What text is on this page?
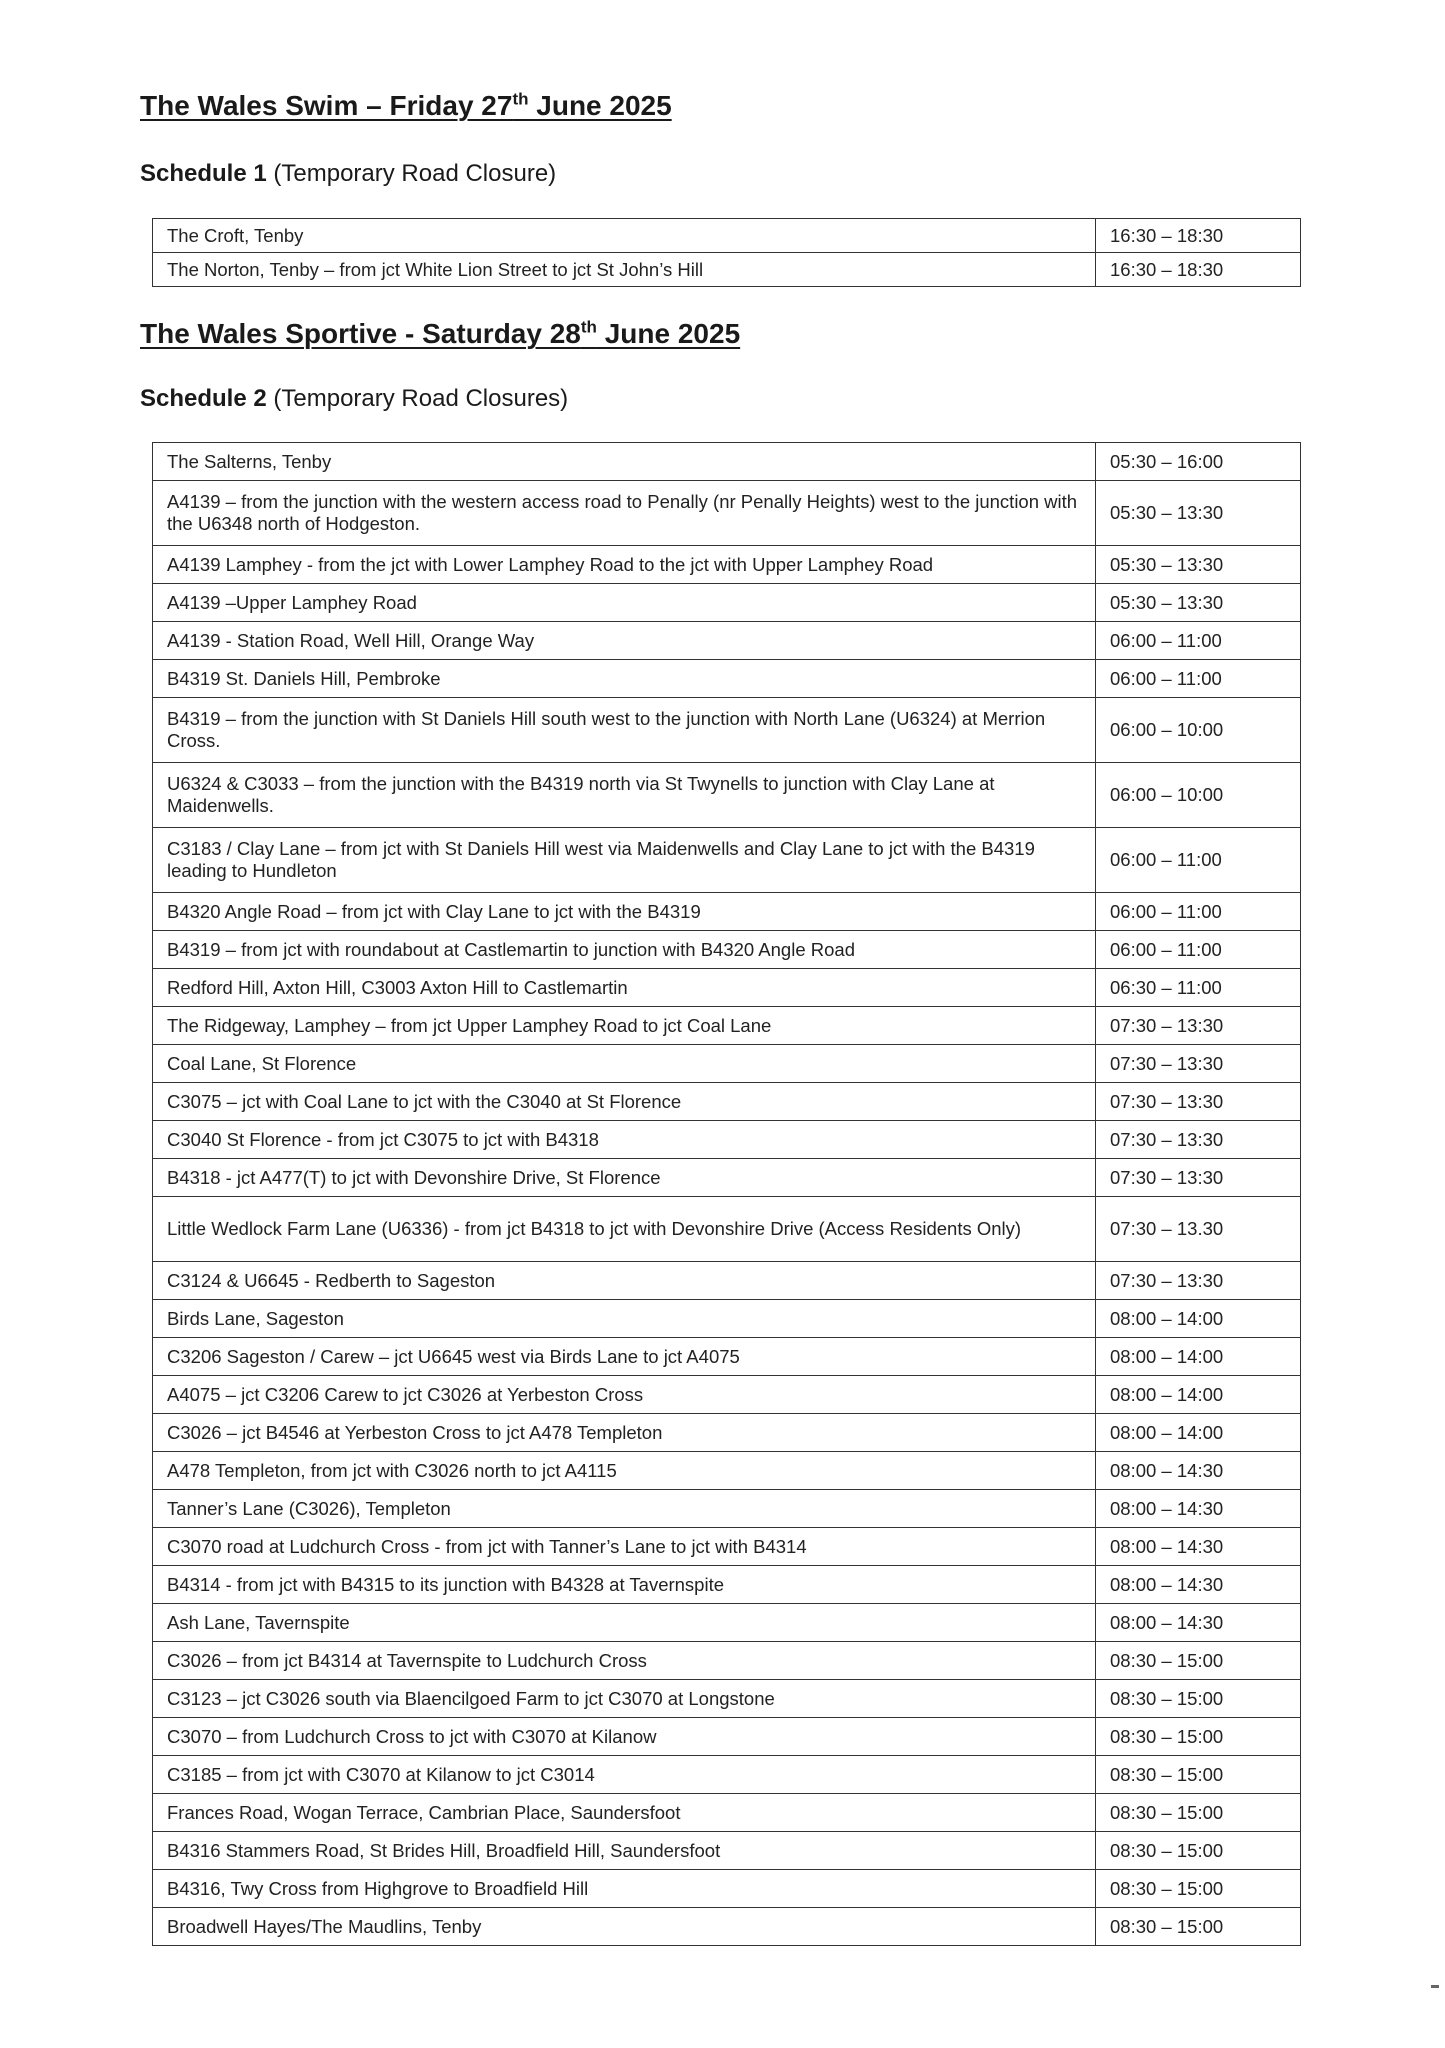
The Wales Swim – Friday 27th June 2025
Schedule 1 (Temporary Road Closure)
The Croft, Tenby	16:30 – 18:30
The Norton, Tenby – from jct White Lion Street to jct St John’s Hill	16:30 – 18:30
The Wales Sportive - Saturday 28th June 2025
Schedule 2 (Temporary Road Closures)
The Salterns, Tenby	05:30 – 16:00
A4139 – from the junction with the western access road to Penally (nr Penally Heights) west to the junction with the U6348 north of Hodgeston.	05:30 – 13:30
A4139 Lamphey - from the jct with Lower Lamphey Road to the jct with Upper Lamphey Road	05:30 – 13:30
A4139 –Upper Lamphey Road	05:30 – 13:30
A4139 - Station Road, Well Hill, Orange Way	06:00 – 11:00
B4319 St. Daniels Hill, Pembroke	06:00 – 11:00
B4319 – from the junction with St Daniels Hill south west to the junction with North Lane (U6324) at Merrion Cross.	06:00 – 10:00
U6324 & C3033 – from the junction with the B4319 north via St Twynells to junction with Clay Lane at Maidenwells.	06:00 – 10:00
C3183 / Clay Lane – from jct with St Daniels Hill west via Maidenwells and Clay Lane to jct with the B4319 leading to Hundleton	06:00 – 11:00
B4320 Angle Road – from jct with Clay Lane to jct with the B4319	06:00 – 11:00
B4319 – from jct with roundabout at Castlemartin to junction with B4320 Angle Road	06:00 – 11:00
Redford Hill, Axton Hill, C3003 Axton Hill to Castlemartin	06:30 – 11:00
The Ridgeway, Lamphey – from jct Upper Lamphey Road to jct Coal Lane	07:30 – 13:30
Coal Lane, St Florence	07:30 – 13:30
C3075 – jct with Coal Lane to jct with the C3040 at St Florence	07:30 – 13:30
C3040 St Florence - from jct C3075 to jct with B4318	07:30 – 13:30
B4318 - jct A477(T) to jct with Devonshire Drive, St Florence	07:30 – 13:30
Little Wedlock Farm Lane (U6336) - from jct B4318 to jct with Devonshire Drive (Access Residents Only)	07:30 – 13.30
C3124 & U6645 - Redberth to Sageston	07:30 – 13:30
Birds Lane, Sageston	08:00 – 14:00
C3206 Sageston / Carew – jct U6645 west via Birds Lane to jct A4075	08:00 – 14:00
A4075 – jct C3206 Carew to jct C3026 at Yerbeston Cross	08:00 – 14:00
C3026 – jct B4546 at Yerbeston Cross to jct A478 Templeton	08:00 – 14:00
A478 Templeton, from jct with C3026 north to jct A4115	08:00 – 14:30
Tanner’s Lane (C3026), Templeton	08:00 – 14:30
C3070 road at Ludchurch Cross - from jct with Tanner’s Lane to jct with B4314	08:00 – 14:30
B4314 - from jct with B4315 to its junction with B4328 at Tavernspite	08:00 – 14:30
Ash Lane, Tavernspite	08:00 – 14:30
C3026 – from jct B4314 at Tavernspite to Ludchurch Cross	08:30 – 15:00
C3123 – jct C3026 south via Blaencilgoed Farm to jct C3070 at Longstone	08:30 – 15:00
C3070 – from Ludchurch Cross to jct with C3070 at Kilanow	08:30 – 15:00
C3185 – from jct with C3070 at Kilanow to jct C3014	08:30 – 15:00
Frances Road, Wogan Terrace, Cambrian Place, Saundersfoot	08:30 – 15:00
B4316 Stammers Road, St Brides Hill, Broadfield Hill, Saundersfoot	08:30 – 15:00
B4316, Twy Cross from Highgrove to Broadfield Hill	08:30 – 15:00
Broadwell Hayes/The Maudlins, Tenby	08:30 – 15:00
